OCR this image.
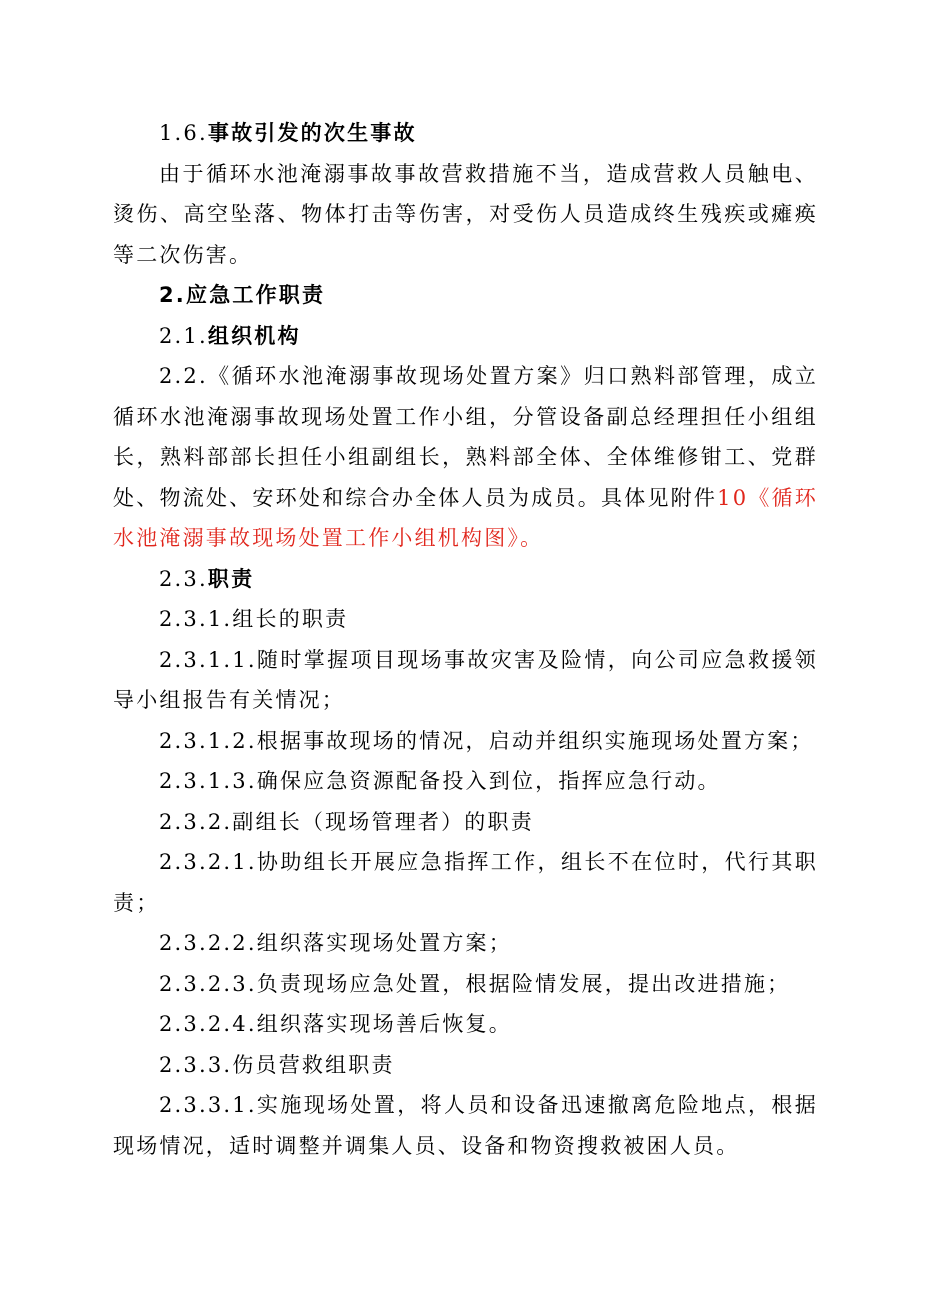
1.6.事故引发的次生事故

由于循环水池淹溺事故事故营救措施不当，造成营救人员触电、烫伤、高空坠落、物体打击等伤害，对受伤人员造成终生残疾或瘫痪等二次伤害。

2.应急工作职责

2.1.组织机构

2.2.《循环水池淹溺事故现场处置方案》归口熟料部管理，成立循环水池淹溺事故现场处置工作小组，分管设备副总经理担任小组组长，熟料部部长担任小组副组长，熟料部全体、全体维修钳工、党群处、物流处、安环处和综合办全体人员为成员。具体见附件10《循环水池淹溺事故现场处置工作小组机构图》。

2.3.职责

2.3.1.组长的职责

2.3.1.1.随时掌握项目现场事故灾害及险情，向公司应急救援领导小组报告有关情况；

2.3.1.2.根据事故现场的情况，启动并组织实施现场处置方案；

2.3.1.3.确保应急资源配备投入到位，指挥应急行动。

2.3.2.副组长（现场管理者）的职责

2.3.2.1.协助组长开展应急指挥工作，组长不在位时，代行其职责；

2.3.2.2.组织落实现场处置方案；

2.3.2.3.负责现场应急处置，根据险情发展，提出改进措施；

2.3.2.4.组织落实现场善后恢复。

2.3.3.伤员营救组职责

2.3.3.1.实施现场处置，将人员和设备迅速撤离危险地点，根据现场情况，适时调整并调集人员、设备和物资搜救被困人员。
